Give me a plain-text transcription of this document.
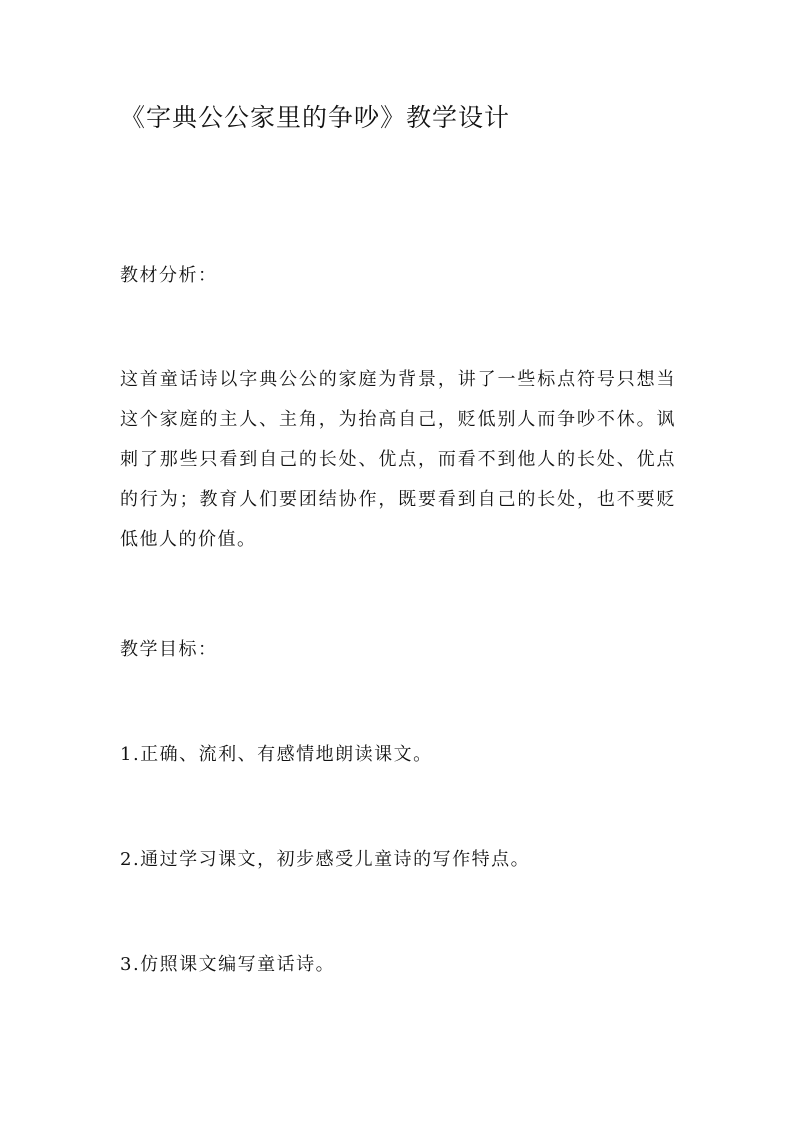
《字典公公家里的争吵》教学设计
教材分析：
这首童话诗以字典公公的家庭为背景，讲了一些标点符号只想当这个家庭的主人、主角，为抬高自己，贬低别人而争吵不休。讽刺了那些只看到自己的长处、优点，而看不到他人的长处、优点的行为；教育人们要团结协作，既要看到自己的长处，也不要贬低他人的价值。
教学目标：
1.正确、流利、有感情地朗读课文。
2.通过学习课文，初步感受儿童诗的写作特点。
3.仿照课文编写童话诗。
